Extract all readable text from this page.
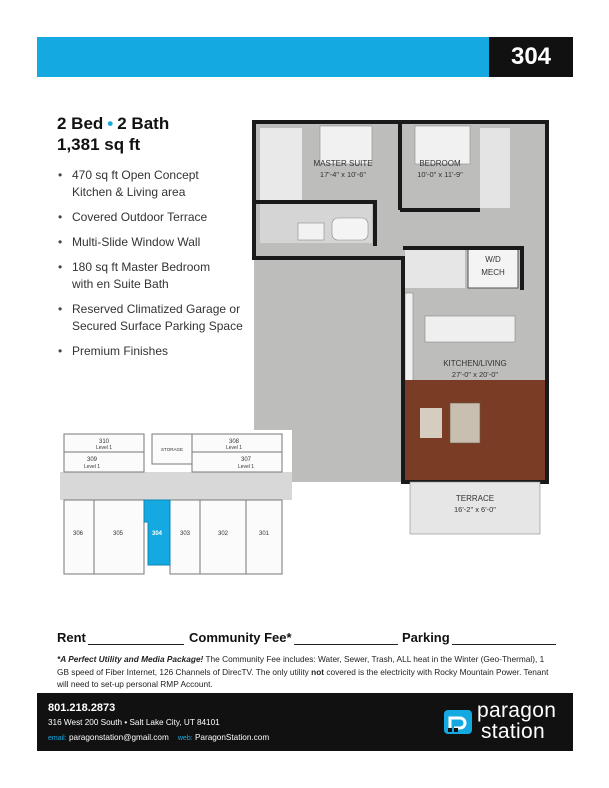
304
2 Bed • 2 Bath
1,381 sq ft
• 470 sq ft Open Concept
Kitchen & Living area
• Covered Outdoor Terrace
• Multi-Slide Window Wall
• 180 sq ft Master Bedroom
with en Suite Bath
• Reserved Climatized Garage or
Secured Surface Parking Space
• Premium Finishes
MASTER SUITE
17'-4" x 10'-6"
BEDROOM
10'-0" x 11'-9"
W/D
MECH
KITCHEN/LIVING
27'-0" x 20'-0"
TERRACE
16'-2" x 6'-0"
310
Level 1
309
Level 1
308
Level 1
307
Level 1
STORAGE
306	305	304	303	302	301
Rent	Community Fee*	Parking
*A Perfect Utility and Media Package! The Community Fee includes: Water, Sewer, Trash, ALL heat in the Winter (Geo-Thermal), 1 GB speed of Fiber Internet, 126 Channels of DirecTV. The only utility not covered is the electricity with Rocky Mountain Power. Tenant will need to set-up personal RMP Account.
801.218.2873
316 West 200 South • Salt Lake City, UT 84101
email: paragonstation@gmail.com web: ParagonStation.com
paragon
station
